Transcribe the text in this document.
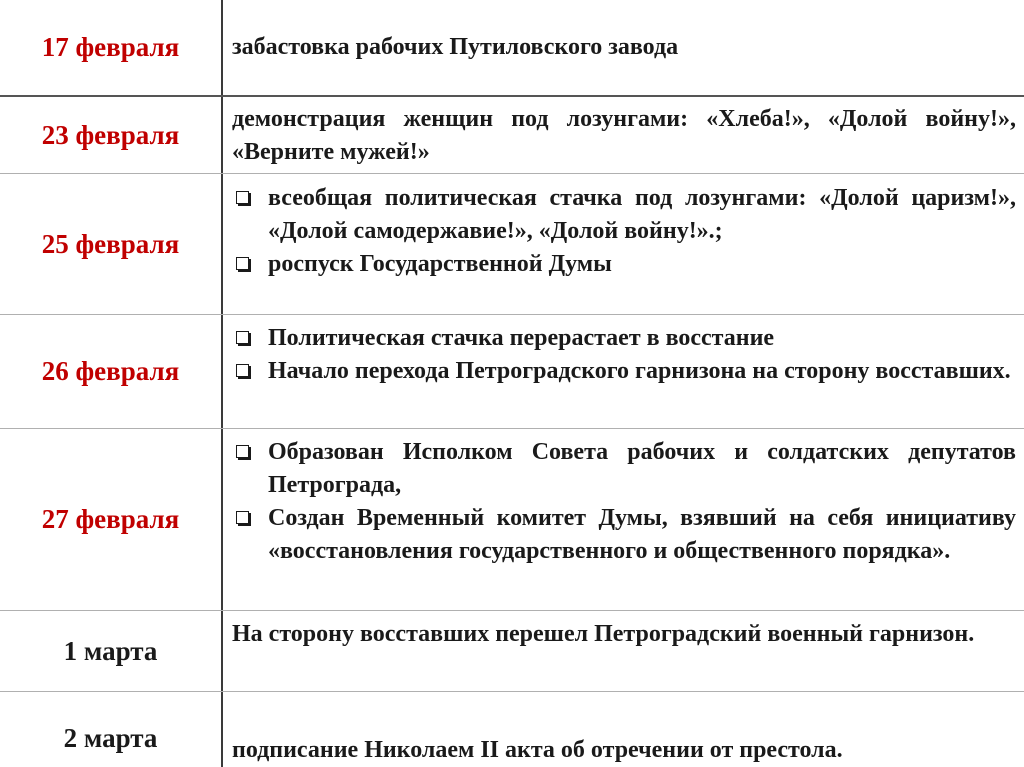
17 февраля	забастовка рабочих Путиловского завода
23 февраля
демонстрация женщин под лозунгами: «Хлеба!», «Долой войну!», «Верните мужей!»
25 февраля
всеобщая политическая стачка под лозунгами: «Долой царизм!», «Долой самодержавие!», «Долой войну!».;
роспуск Государственной Думы
26 февраля
Политическая стачка перерастает в восстание
Начало перехода Петроградского гарнизона на сторону восставших.
27 февраля
Образован Исполком Совета рабочих и солдатских депутатов Петрограда,
Создан Временный комитет Думы, взявший на себя инициативу «восстановления государственного и общественного порядка».
1 марта
На сторону восставших перешел Петроградский военный гарнизон.
2 марта	подписание Николаем II акта об отречении от престола.
